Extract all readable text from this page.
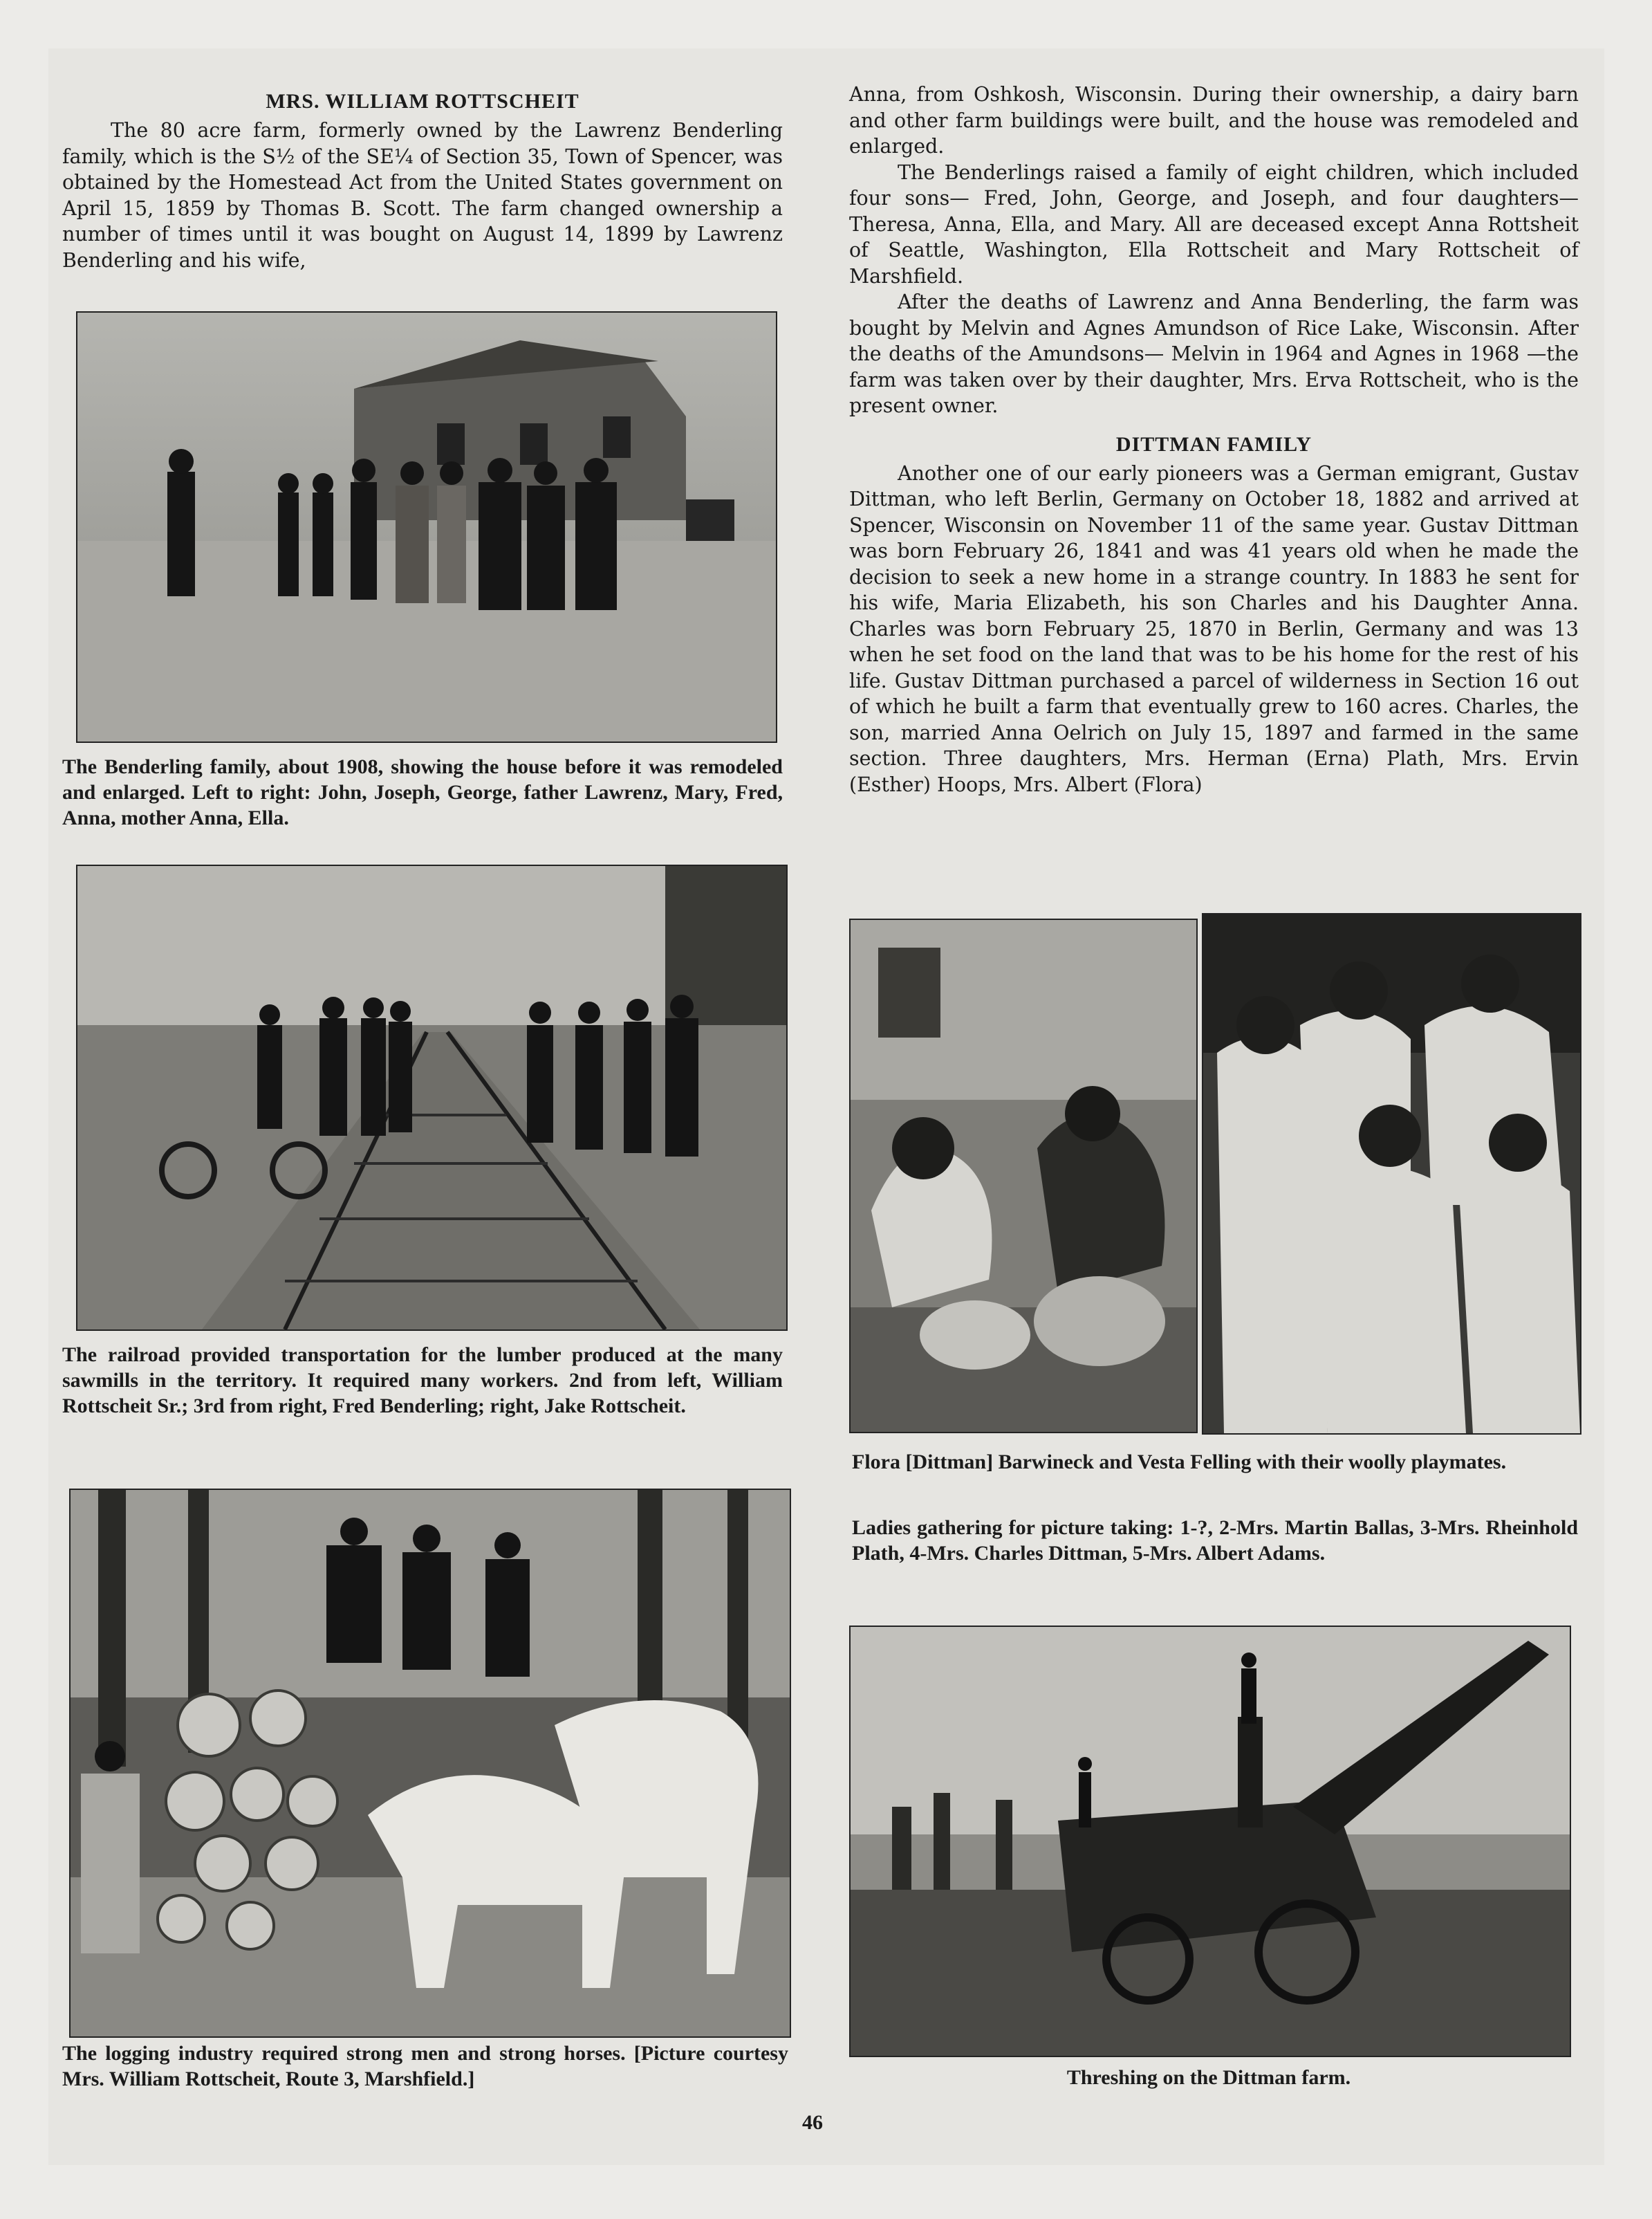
MRS. WILLIAM ROTTSCHEIT

The 80 acre farm, formerly owned by the Lawrenz Benderling family, which is the S½ of the SE¼ of Section 35, Town of Spencer, was obtained by the Homestead Act from the United States government on April 15, 1859 by Thomas B. Scott. The farm changed ownership a number of times until it was bought on August 14, 1899 by Lawrenz Benderling and his wife,

The Benderling family, about 1908, showing the house before it was remodeled and enlarged. Left to right: John, Joseph, George, father Lawrenz, Mary, Fred, Anna, mother Anna, Ella.

The railroad provided transportation for the lumber produced at the many sawmills in the territory. It required many workers. 2nd from left, William Rottscheit Sr.; 3rd from right, Fred Benderling; right, Jake Rottscheit.

The logging industry required strong men and strong horses. [Picture courtesy Mrs. William Rottscheit, Route 3, Marshfield.]

Anna, from Oshkosh, Wisconsin. During their ownership, a dairy barn and other farm buildings were built, and the house was remodeled and enlarged.

The Benderlings raised a family of eight children, which included four sons— Fred, John, George, and Joseph, and four daughters— Theresa, Anna, Ella, and Mary. All are deceased except Anna Rottsheit of Seattle, Washington, Ella Rottscheit and Mary Rottscheit of Marshfield.

After the deaths of Lawrenz and Anna Benderling, the farm was bought by Melvin and Agnes Amundson of Rice Lake, Wisconsin. After the deaths of the Amundsons— Melvin in 1964 and Agnes in 1968 —the farm was taken over by their daughter, Mrs. Erva Rottscheit, who is the present owner.

DITTMAN FAMILY

Another one of our early pioneers was a German emigrant, Gustav Dittman, who left Berlin, Germany on October 18, 1882 and arrived at Spencer, Wisconsin on November 11 of the same year. Gustav Dittman was born February 26, 1841 and was 41 years old when he made the decision to seek a new home in a strange country. In 1883 he sent for his wife, Maria Elizabeth, his son Charles and his Daughter Anna. Charles was born February 25, 1870 in Berlin, Germany and was 13 when he set food on the land that was to be his home for the rest of his life. Gustav Dittman purchased a parcel of wilderness in Section 16 out of which he built a farm that eventually grew to 160 acres. Charles, the son, married Anna Oelrich on July 15, 1897 and farmed in the same section. Three daughters, Mrs. Herman (Erna) Plath, Mrs. Ervin (Esther) Hoops, Mrs. Albert (Flora)

Flora [Dittman] Barwineck and Vesta Felling with their woolly playmates.

Ladies gathering for picture taking: 1-?, 2-Mrs. Martin Ballas, 3-Mrs. Rheinhold Plath, 4-Mrs. Charles Dittman, 5-Mrs. Albert Adams.

Threshing on the Dittman farm.

46
